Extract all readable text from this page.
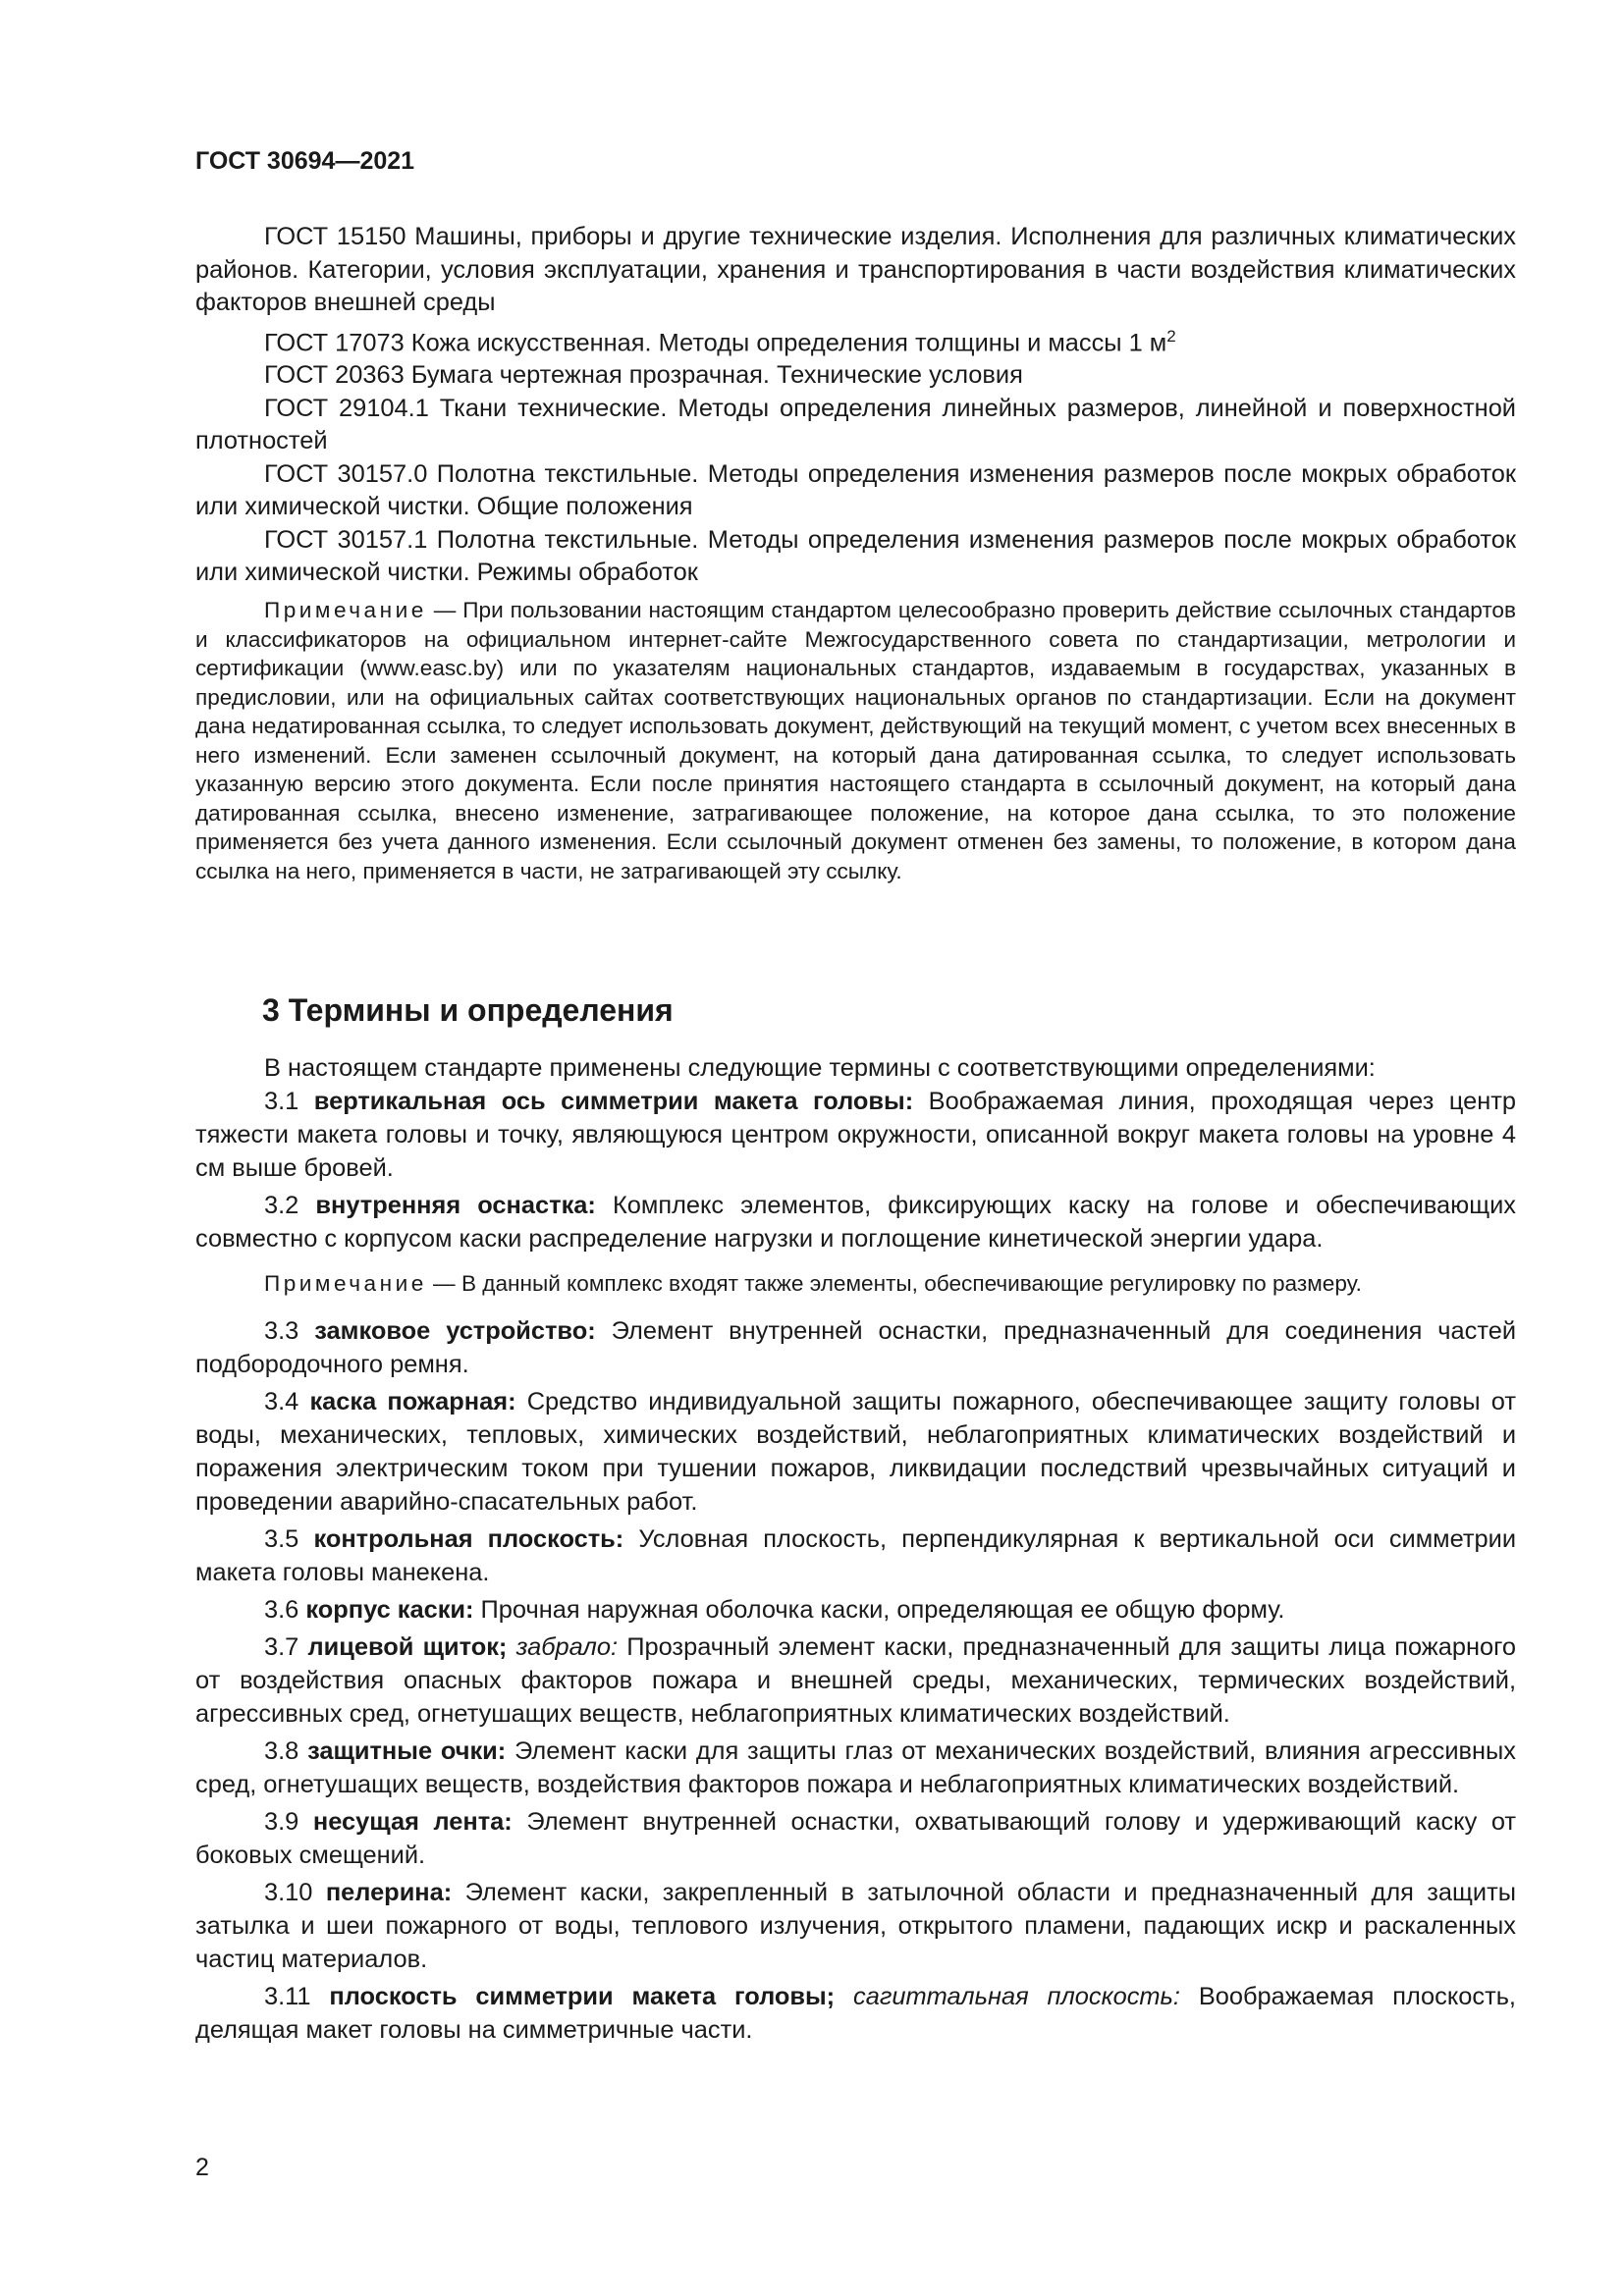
ГОСТ 30694—2021

ГОСТ 15150 Машины, приборы и другие технические изделия. Исполнения для различных климатических районов. Категории, условия эксплуатации, хранения и транспортирования в части воздействия климатических факторов внешней среды

ГОСТ 17073 Кожа искусственная. Методы определения толщины и массы 1 $м^2$

ГОСТ 20363 Бумага чертежная прозрачная. Технические условия

ГОСТ 29104.1 Ткани технические. Методы определения линейных размеров, линейной и поверхностной плотностей

ГОСТ 30157.0 Полотна текстильные. Методы определения изменения размеров после мокрых обработок или химической чистки. Общие положения

ГОСТ 30157.1 Полотна текстильные. Методы определения изменения размеров после мокрых обработок или химической чистки. Режимы обработок

Примечание — При пользовании настоящим стандартом целесообразно проверить действие ссылочных стандартов и классификаторов на официальном интернет-сайте Межгосударственного совета по стандартизации, метрологии и сертификации (www.easc.by) или по указателям национальных стандартов, издаваемым в государствах, указанных в предисловии, или на официальных сайтах соответствующих национальных органов по стандартизации. Если на документ дана недатированная ссылка, то следует использовать документ, действующий на текущий момент, с учетом всех внесенных в него изменений. Если заменен ссылочный документ, на который дана датированная ссылка, то следует использовать указанную версию этого документа. Если после принятия настоящего стандарта в ссылочный документ, на который дана датированная ссылка, внесено изменение, затрагивающее положение, на которое дана ссылка, то это положение применяется без учета данного изменения. Если ссылочный документ отменен без замены, то положение, в котором дана ссылка на него, применяется в части, не затрагивающей эту ссылку.

3 Термины и определения

В настоящем стандарте применены следующие термины с соответствующими определениями:

3.1 вертикальная ось симметрии макета головы: Воображаемая линия, проходящая через центр тяжести макета головы и точку, являющуюся центром окружности, описанной вокруг макета головы на уровне 4 см выше бровей.

3.2 внутренняя оснастка: Комплекс элементов, фиксирующих каску на голове и обеспечивающих совместно с корпусом каски распределение нагрузки и поглощение кинетической энергии удара.

Примечание — В данный комплекс входят также элементы, обеспечивающие регулировку по размеру.

3.3 замковое устройство: Элемент внутренней оснастки, предназначенный для соединения частей подбородочного ремня.

3.4 каска пожарная: Средство индивидуальной защиты пожарного, обеспечивающее защиту головы от воды, механических, тепловых, химических воздействий, неблагоприятных климатических воздействий и поражения электрическим током при тушении пожаров, ликвидации последствий чрезвычайных ситуаций и проведении аварийно-спасательных работ.

3.5 контрольная плоскость: Условная плоскость, перпендикулярная к вертикальной оси симметрии макета головы манекена.

3.6 корпус каски: Прочная наружная оболочка каски, определяющая ее общую форму.

3.7 лицевой щиток; забрало: Прозрачный элемент каски, предназначенный для защиты лица пожарного от воздействия опасных факторов пожара и внешней среды, механических, термических воздействий, агрессивных сред, огнетушащих веществ, неблагоприятных климатических воздействий.

3.8 защитные очки: Элемент каски для защиты глаз от механических воздействий, влияния агрессивных сред, огнетушащих веществ, воздействия факторов пожара и неблагоприятных климатических воздействий.

3.9 несущая лента: Элемент внутренней оснастки, охватывающий голову и удерживающий каску от боковых смещений.

3.10 пелерина: Элемент каски, закрепленный в затылочной области и предназначенный для защиты затылка и шеи пожарного от воды, теплового излучения, открытого пламени, падающих искр и раскаленных частиц материалов.

3.11 плоскость симметрии макета головы; сагиттальная плоскость: Воображаемая плоскость, делящая макет головы на симметричные части.

2
